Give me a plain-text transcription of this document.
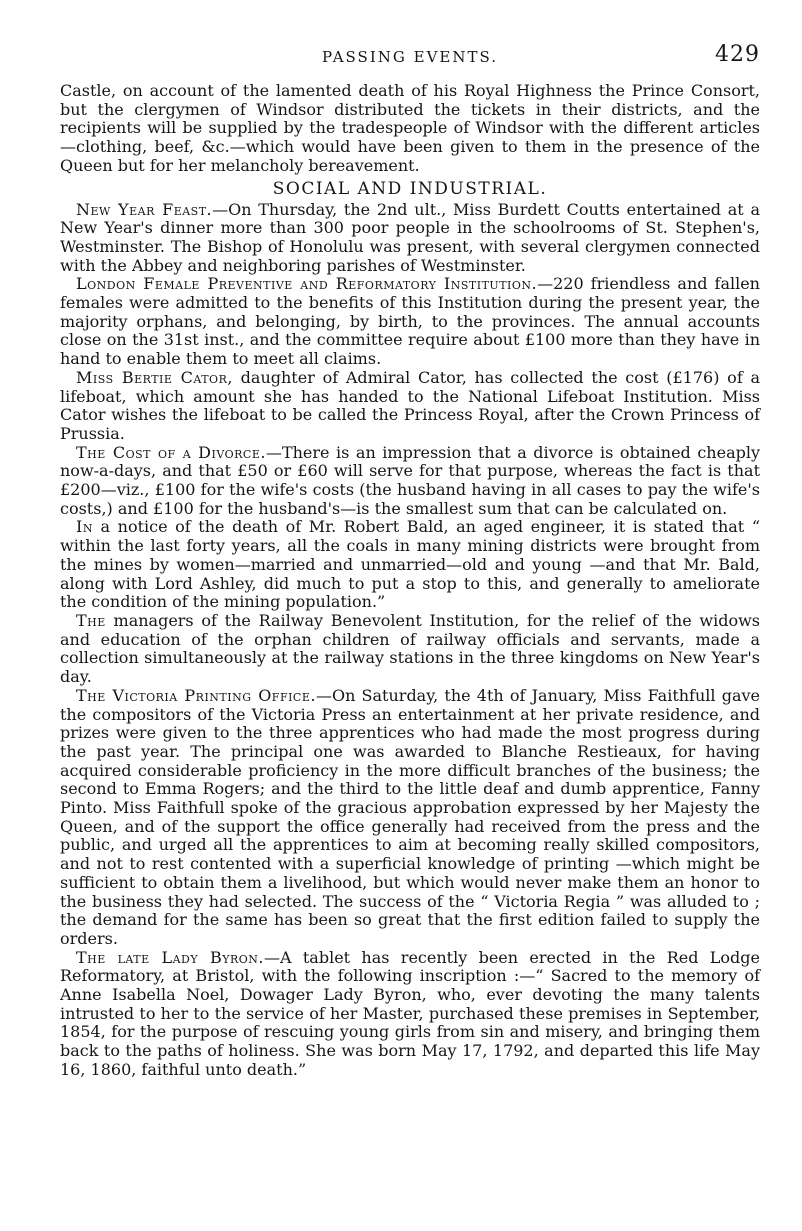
PASSING EVENTS.	429

Castle, on account of the lamented death of his Royal Highness the Prince Consort, but the clergymen of Windsor distributed the tickets in their districts, and the recipients will be supplied by the tradespeople of Windsor with the different articles—clothing, beef, &c.—which would have been given to them in the presence of the Queen but for her melancholy bereavement.

SOCIAL AND INDUSTRIAL.

New Year Feast.—On Thursday, the 2nd ult., Miss Burdett Coutts entertained at a New Year's dinner more than 300 poor people in the schoolrooms of St. Stephen's, Westminster. The Bishop of Honolulu was present, with several clergymen connected with the Abbey and neighboring parishes of Westminster.

London Female Preventive and Reformatory Institution.—220 friendless and fallen females were admitted to the benefits of this Institution during the present year, the majority orphans, and belonging, by birth, to the provinces. The annual accounts close on the 31st inst., and the committee require about £100 more than they have in hand to enable them to meet all claims.

Miss Bertie Cator, daughter of Admiral Cator, has collected the cost (£176) of a lifeboat, which amount she has handed to the National Lifeboat Institution. Miss Cator wishes the lifeboat to be called the Princess Royal, after the Crown Princess of Prussia.

The Cost of a Divorce.—There is an impression that a divorce is obtained cheaply now-a-days, and that £50 or £60 will serve for that purpose, whereas the fact is that £200—viz., £100 for the wife's costs (the husband having in all cases to pay the wife's costs,) and £100 for the husband's—is the smallest sum that can be calculated on.

In a notice of the death of Mr. Robert Bald, an aged engineer, it is stated that “ within the last forty years, all the coals in many mining districts were brought from the mines by women—married and unmarried—old and young —and that Mr. Bald, along with Lord Ashley, did much to put a stop to this, and generally to ameliorate the condition of the mining population.”

The managers of the Railway Benevolent Institution, for the relief of the widows and education of the orphan children of railway officials and servants, made a collection simultaneously at the railway stations in the three kingdoms on New Year's day.

The Victoria Printing Office.—On Saturday, the 4th of January, Miss Faithfull gave the compositors of the Victoria Press an entertainment at her private residence, and prizes were given to the three apprentices who had made the most progress during the past year. The principal one was awarded to Blanche Restieaux, for having acquired considerable proficiency in the more difficult branches of the business; the second to Emma Rogers; and the third to the little deaf and dumb apprentice, Fanny Pinto. Miss Faithfull spoke of the gracious approbation expressed by her Majesty the Queen, and of the support the office generally had received from the press and the public, and urged all the apprentices to aim at becoming really skilled compositors, and not to rest contented with a superficial knowledge of printing —which might be sufficient to obtain them a livelihood, but which would never make them an honor to the business they had selected. The success of the “ Victoria Regia ” was alluded to ; the demand for the same has been so great that the first edition failed to supply the orders.

The late Lady Byron.—A tablet has recently been erected in the Red Lodge Reformatory, at Bristol, with the following inscription :—“ Sacred to the memory of Anne Isabella Noel, Dowager Lady Byron, who, ever devoting the many talents intrusted to her to the service of her Master, purchased these premises in September, 1854, for the purpose of rescuing young girls from sin and misery, and bringing them back to the paths of holiness. She was born May 17, 1792, and departed this life May 16, 1860, faithful unto death.”
